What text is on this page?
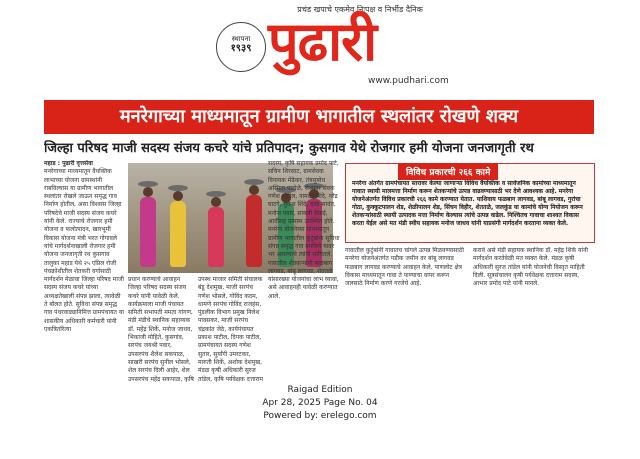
प्रचंड खपाचे एकमेव निःपक्ष व निर्भीड दैनिक
स्थापना
१९३९ पुढारी
www.pudhari.com
मनरेगाच्या माध्यमातून ग्रामीण भागातील स्थलांतर रोखणे शक्य
जिल्हा परिषद माजी सदस्य संजय कचरे यांचे प्रतिपादन; कुसगाव येथे रोजगार हमी योजना जनजागृती रथ
महाड : पुढारी वृत्तसेवा
मनरेगाच्या माध्यमातून वैयक्तिक लाभाच्या योजना ग्रामस्थांनी राबविल्यास या ग्रामीण भागातील स्थलांतर रोखले जाऊन समृद्ध गाव निर्माण होतील, असा विश्वास जिल्हा परिषदेचे माजी सदस्य संजय कचरे यांनी केले. राज्याचे रोजगार हमी योजना व फलोत्पादन, खारभूमी विकास योजना मंत्री भरत गोगावले यांचे मार्गदर्शनाखाली रोजगार हमी योजना जनजागृती रथ कुसगाव तालुका महाड येथे २५ एप्रिल रोजी पंचक्रोशीतील शेतकरी वर्गासाठी मार्गदर्शन मेळावा जिल्हा परिषद माजी सदस्य संजय कचरे यांच्या अध्यक्षतेखाली संपन्न झाला, त्यावेळी ते बोलत होते. सुविधा संपन्न समृद्ध गाव पंधरवाड्यानिमित्त ग्रामपंचायत या शासकीय अधिकारी कर्मचारी यांनी एकत्रितरित्या
प्रधान करण्याचे आवाहन जिल्हा परिषद सदस्य संजय कचरे यांनी यावेळी केले. कार्यक्रमाला माजी पंचायत समिती सभापती ममता गांगण, मंडी मंडीचे स्थानिक सहाय्यक डॉ. महेंद्र शिर्के, मनोज जाधव, भिकाजी मोहिते, कुसगांव, सरपंच जयश्री पवार, उपसरपंच शैलेश सकपाळ, साखरी सरपंच सुनील भोसले, शेल सरपंच दिली आहेर, शेल उपसरपंच महेंद्र सकपाळ, कृषि
उपस्थ माजार समिती संचालक बंडू देशमुख, माजी सरपंच गणेश भोसले, गोविंद कदम, धामणे सरपंच गोविंद राजहंस, पुंडलीक विभाग प्रमुख निलेश पावसकर, माजी सरपंच चंद्रकांत जेठे, कार्यपंचायत प्रकाश पाटील, दिपक पाटील, ग्रामपंचायत सदस्य गणेश सुतार, सुर्यांगी उमरटकर, मारुती शिर्के, अशोक देशमुख, मंडळ कृषी अधिकारी सुरज तांडेल, कृषि पर्यवेक्षक दत्ताराम
सदस्य, कृषि सहायक प्रमोद पाटे, सचिन शिरसाट, ग्रामसेवक विनायक मेंढेकर, तंत्रसुबोध अस्मिता पाटोळे, रोजगार सेवक गणेश पाटील, नामदेव शिंदे, नरेंद्र घाटगे, मुकेश शिंदे, दादा सावंत, मनोज पवार, सायली देसाई, आदींसह ग्रामस्थ उपस्थित होते. मनरेगा योजनेच्या माध्यमातून ग्रामीण भागातील कुटुंबांना सुविधा संपन्न समृद्ध गाव बनविणे यावर भर असल्याचे त्यांनी सांगितले. गावातील शेतकऱ्यांनी फळबाग लागवड, बांबू लागवड, शेततळे यांसारख्या योजनांचा लाभ घ्यावा, असे आवाहनही यावेळी करण्यात आले.
विविध प्रकारची २६६ कामे
मनरेगा अंतर्गत ग्रामपंचायत स्तरावर केल्या जाणाऱ्या विविध वैयक्तिक व सार्वजनिक कामांच्या माध्यमातून गावात स्थायी मालमत्ता निर्माण करून शेतकऱ्यांचे उत्पन्न वाढवण्यासाठी भर देणे आवश्यक आहे. मनरेगा योजनेअंतर्गत विविध प्रकारची २६६ कामे करण्यात येतात. याशिवाय फळबाग लागवड, बांबू लागवड, गुरांचा गोठा, कुक्कुटपालन शेड, शेळीपालन शेड, सिंचन विहीर, शेततळे, जलकुंड या कामांचे योग्य नियोजन करून शेतकऱ्यांसाठी स्थायी उत्पादक मत्ता निर्माण केल्यास त्यांचे उत्पन्न वाढेल. निश्चितच गावाचा शाश्वत विकास करता येईल असे मत मंडी स्थीय सहायक मनोज जाधव यांनी याप्रसंगी मार्गदर्शन करताना व्यक्त केले.
गावातील कुटुंबांनी गावातच चांगले उत्पन्न मिळवण्यासाठी मनरेगा योजनेअंतर्गत पडीक जमीन वर बांबू लागवड फळबाग लागवड करण्याचे आवाहन केले. पाणलोट क्षेत्र विकास माध्यमातून गावा ते पाण्याचा वापर करून जलसाठे निर्माण करणे गरजेचे आहे.
करावे असे मंडी सहायक स्थानिक डॉ. महेंद्र शिर्के यांनी मार्गदर्शन करतेवेळी मत व्यक्त केले. मंडळ कृषी अधिकारी सुरज तांडेल यांनी योजनेची विस्तृत माहिती दिली. सूत्रसंचालन कृषी पर्यवेक्षक दत्ताराम सदस्य, आभार प्रमोद पाटे यांनी मानले.
Raigad Edition
Apr 28, 2025 Page No. 04
Powered by: erelego.com
